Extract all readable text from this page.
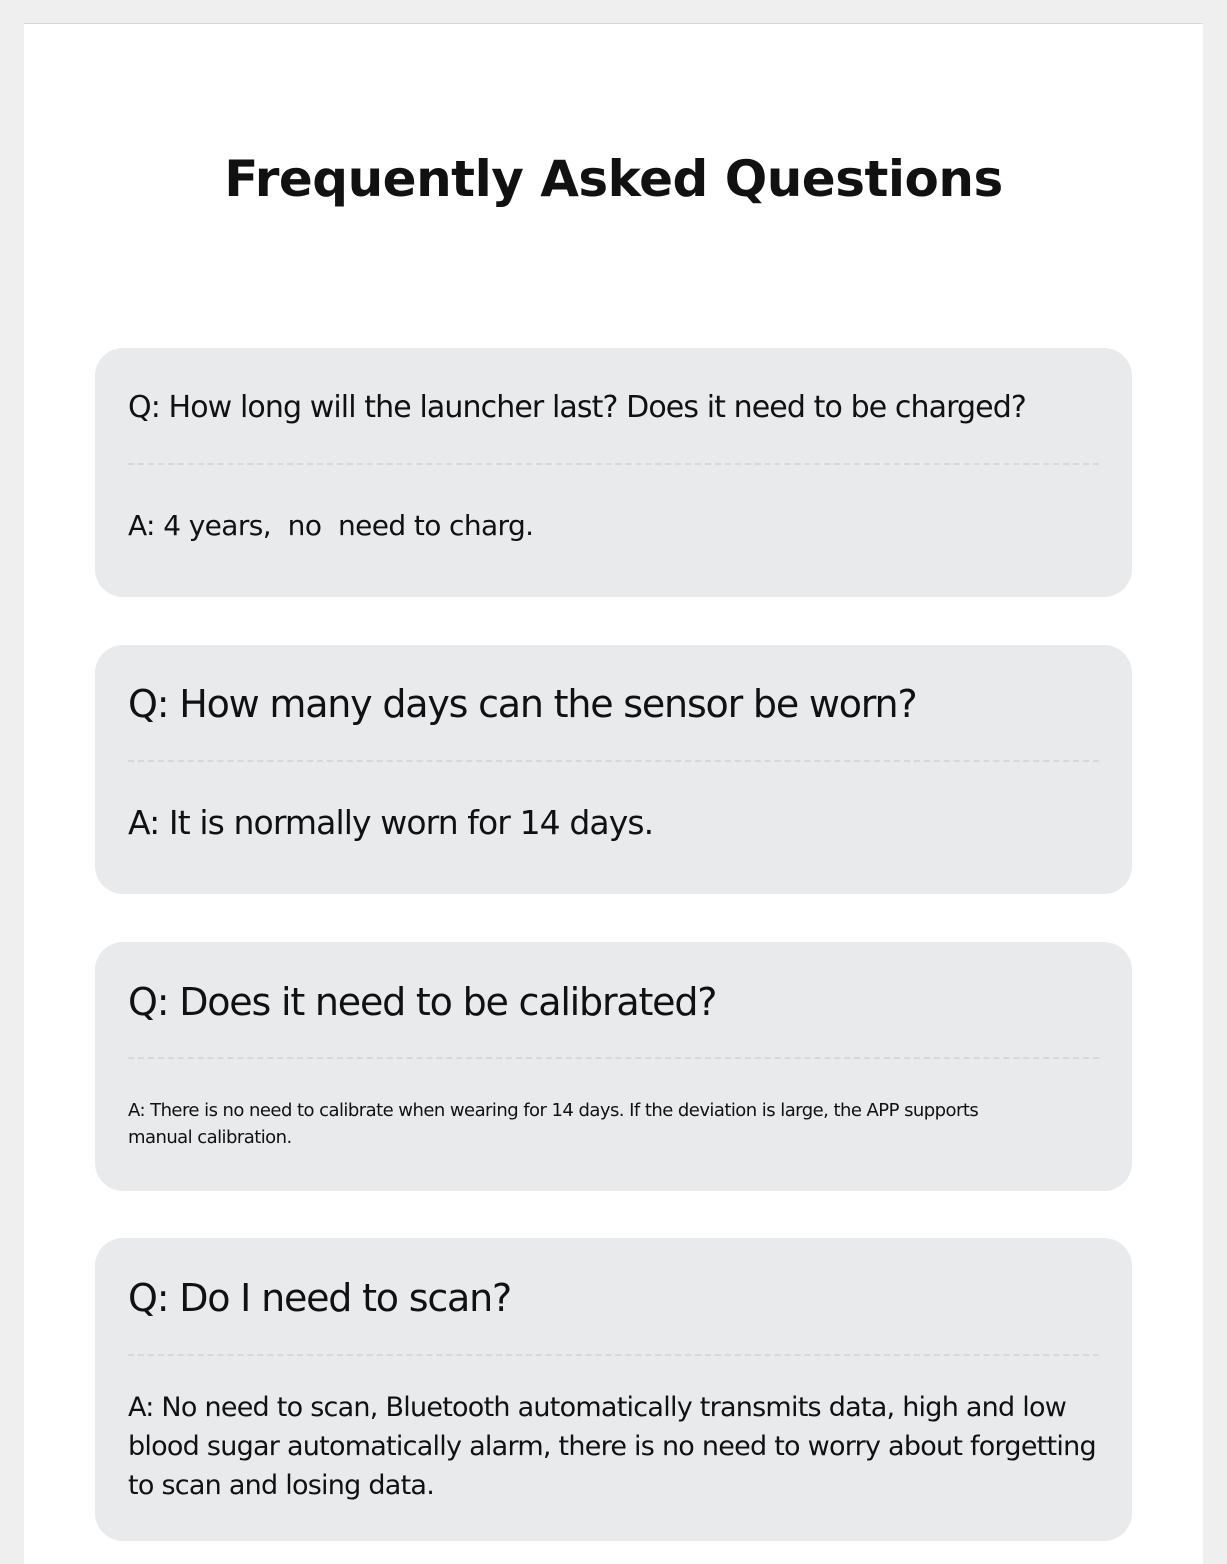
Frequently Asked Questions
Q: How long will the launcher last? Does it need to be charged?
A: 4 years,  no  need to charg.
Q: How many days can the sensor be worn?
A: It is normally worn for 14 days.
Q: Does it need to be calibrated?
A: There is no need to calibrate when wearing for 14 days. If the deviation is large, the APP supports manual calibration.
Q: Do I need to scan?
A: No need to scan, Bluetooth automatically transmits data, high and low blood sugar automatically alarm, there is no need to worry about forgetting to scan and losing data.
